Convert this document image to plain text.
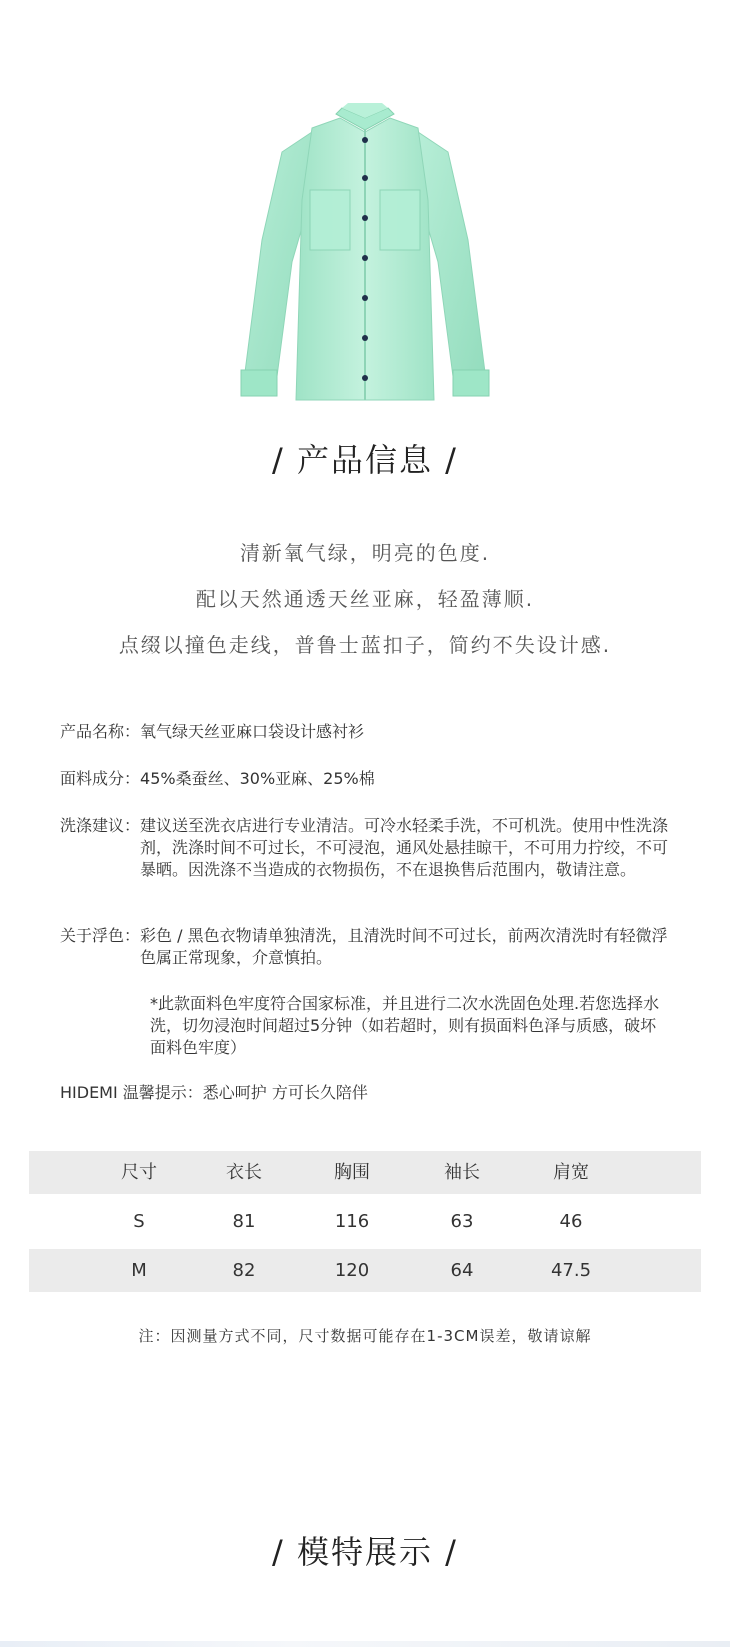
/ 产品信息 /
清新氧气绿，明亮的色度.
配以天然通透天丝亚麻，轻盈薄顺.
点缀以撞色走线，普鲁士蓝扣子，简约不失设计感.
产品名称： 氧气绿天丝亚麻口袋设计感衬衫
面料成分： 45%桑蚕丝、30%亚麻、25%棉
洗涤建议： 建议送至洗衣店进行专业清洁。可冷水轻柔手洗，不可机洗。使用中性洗涤剂，洗涤时间不可过长，不可浸泡，通风处悬挂晾干，不可用力拧绞，不可暴晒。因洗涤不当造成的衣物损伤，不在退换售后范围内，敬请注意。
关于浮色： 彩色 / 黑色衣物请单独清洗，且清洗时间不可过长，前两次清洗时有轻微浮色属正常现象，介意慎拍。
*此款面料色牢度符合国家标准，并且进行二次水洗固色处理.若您选择水洗，切勿浸泡时间超过5分钟（如若超时，则有损面料色泽与质感，破坏面料色牢度）
HIDEMI 温馨提示：悉心呵护 方可长久陪伴
尺寸	衣长	胸围	袖长	肩宽
S	81	116	63	46
M	82	120	64	47.5
注：因测量方式不同，尺寸数据可能存在1-3CM误差，敬请谅解
/ 模特展示 /
